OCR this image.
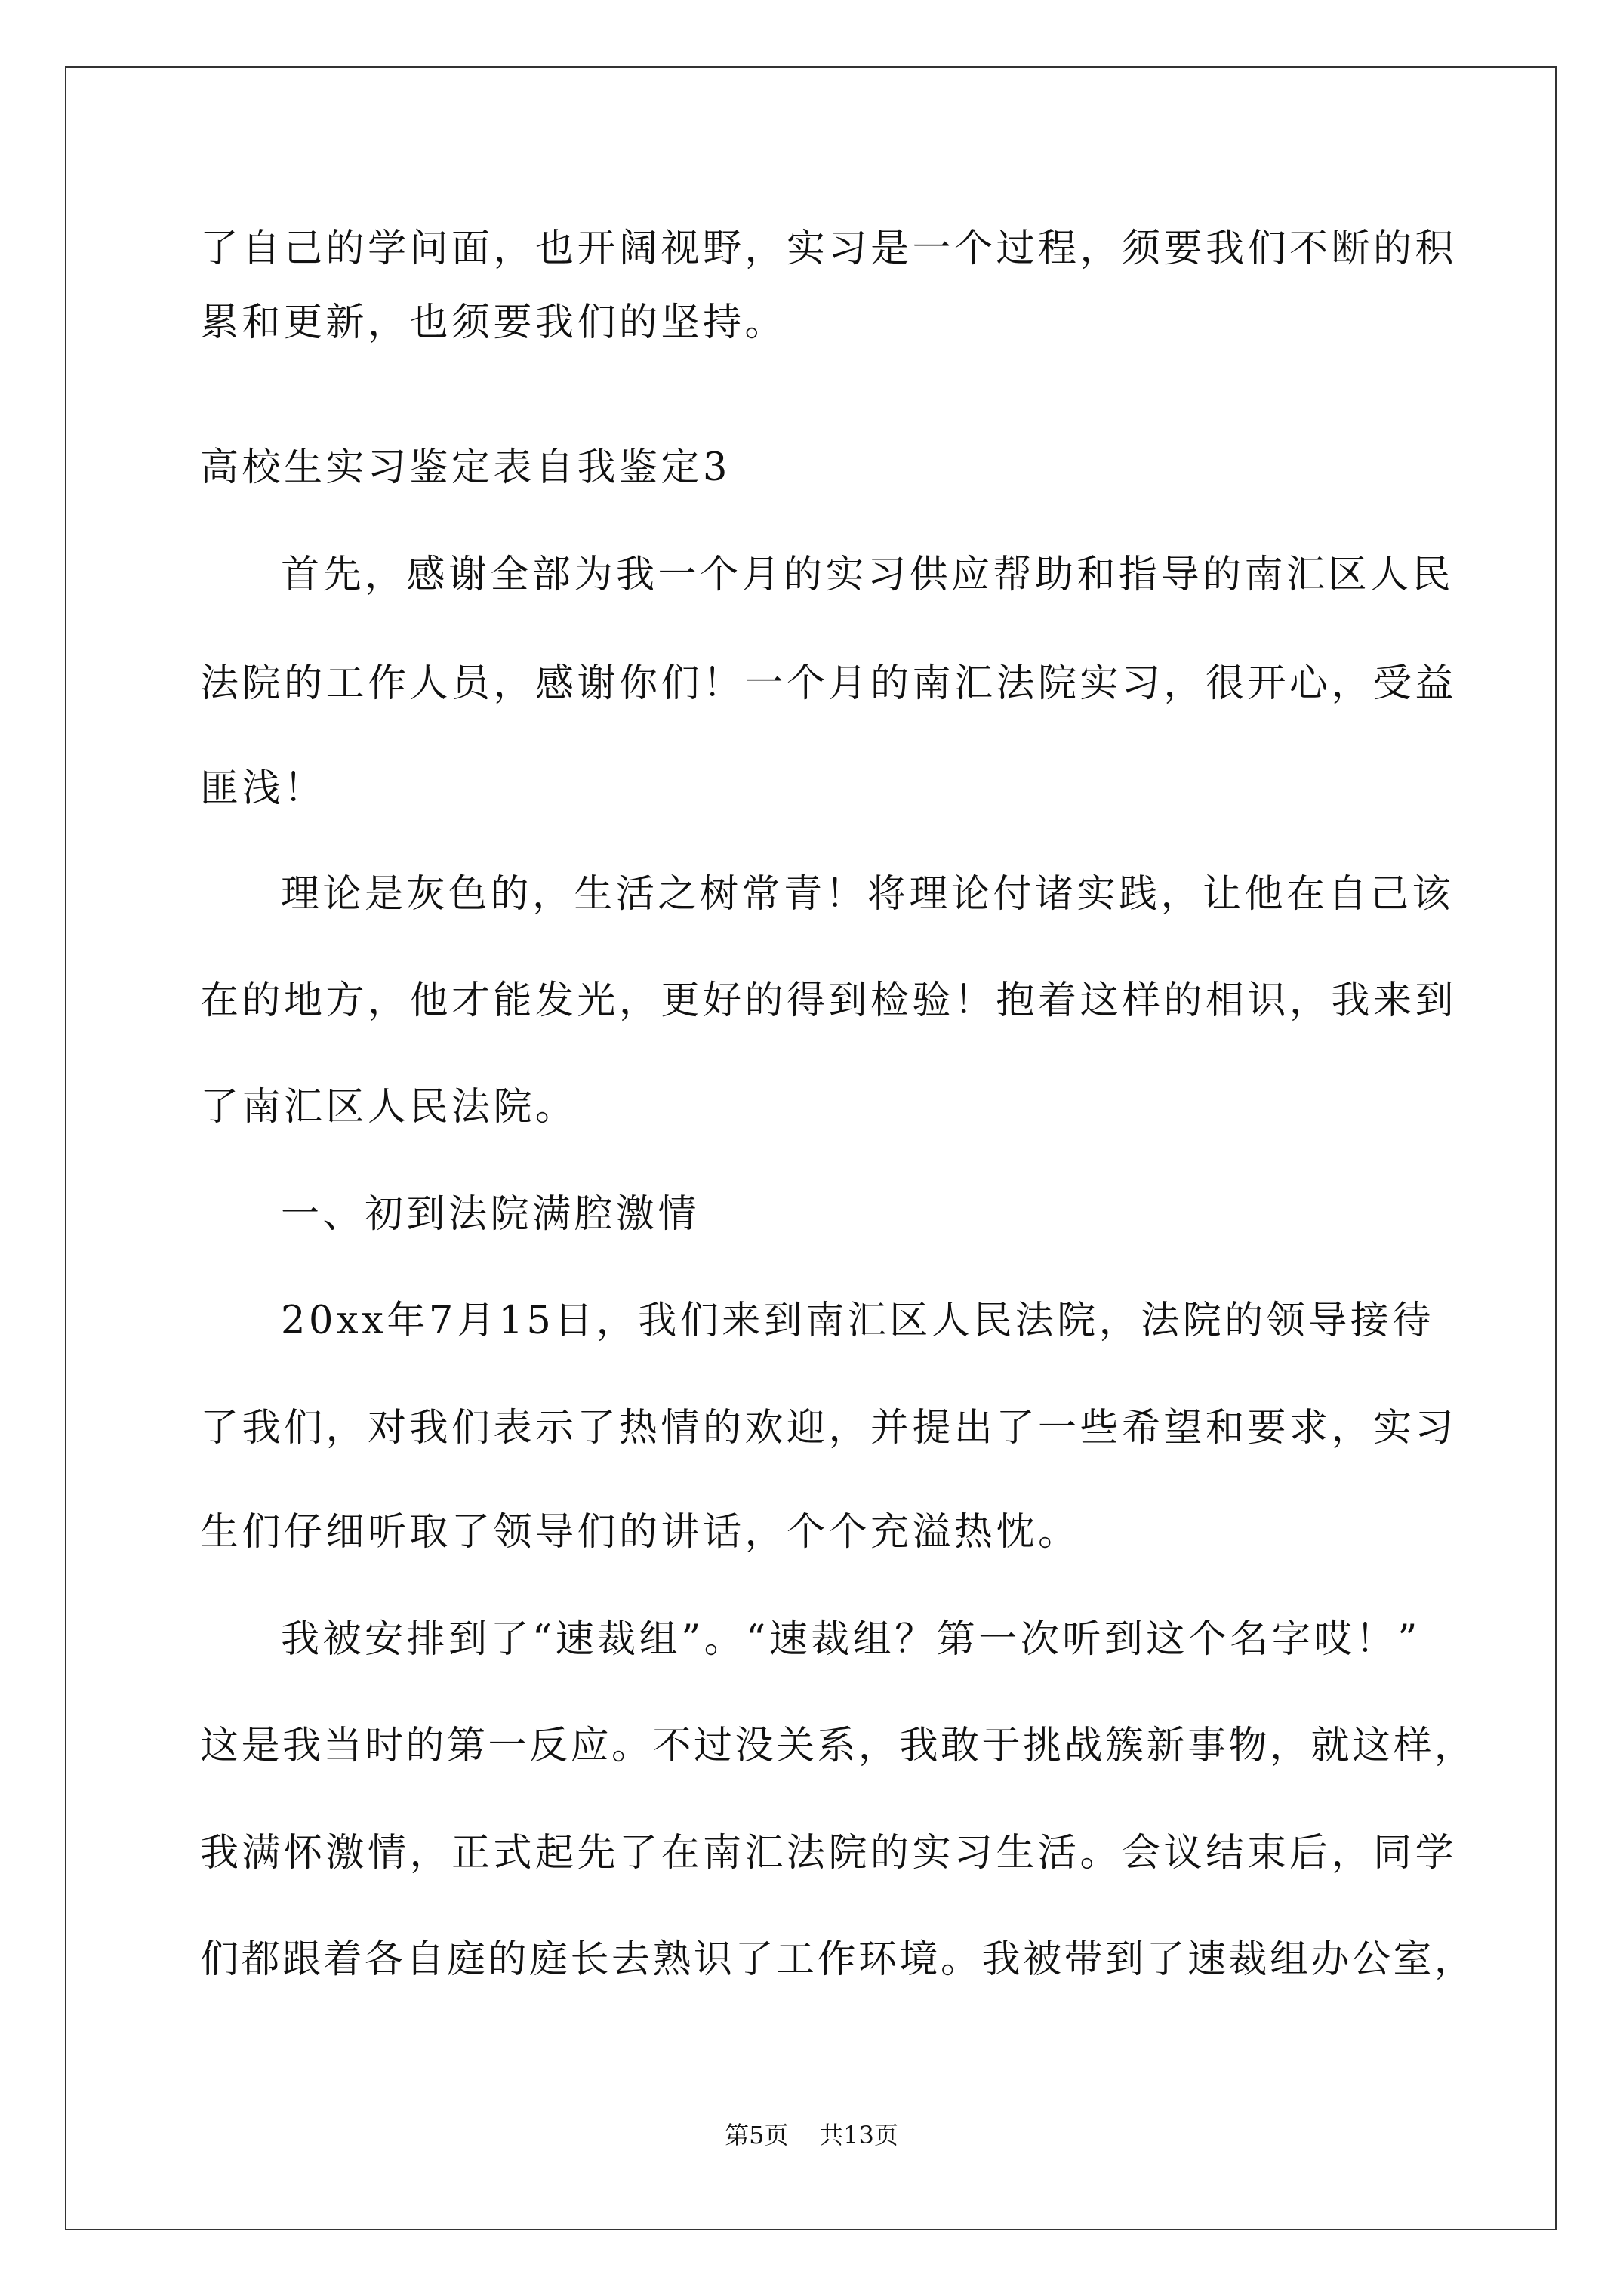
了自己的学问面，也开阔视野，实习是一个过程，须要我们不断的积
累和更新，也须要我们的坚持。
高校生实习鉴定表自我鉴定3
首先，感谢全部为我一个月的实习供应帮助和指导的南汇区人民
法院的工作人员，感谢你们！一个月的南汇法院实习，很开心，受益
匪浅！
理论是灰色的，生活之树常青！将理论付诸实践，让他在自己该
在的地方，他才能发光，更好的得到检验！抱着这样的相识，我来到
了南汇区人民法院。
一、初到法院满腔激情
20xx年7月15日，我们来到南汇区人民法院，法院的领导接待
了我们，对我们表示了热情的欢迎，并提出了一些希望和要求，实习
生们仔细听取了领导们的讲话，个个充溢热忱。
我被安排到了“速裁组”。“速裁组？第一次听到这个名字哎！”
这是我当时的第一反应。不过没关系，我敢于挑战簇新事物，就这样，
我满怀激情，正式起先了在南汇法院的实习生活。会议结束后，同学
们都跟着各自庭的庭长去熟识了工作环境。我被带到了速裁组办公室，
第5页    共13页
